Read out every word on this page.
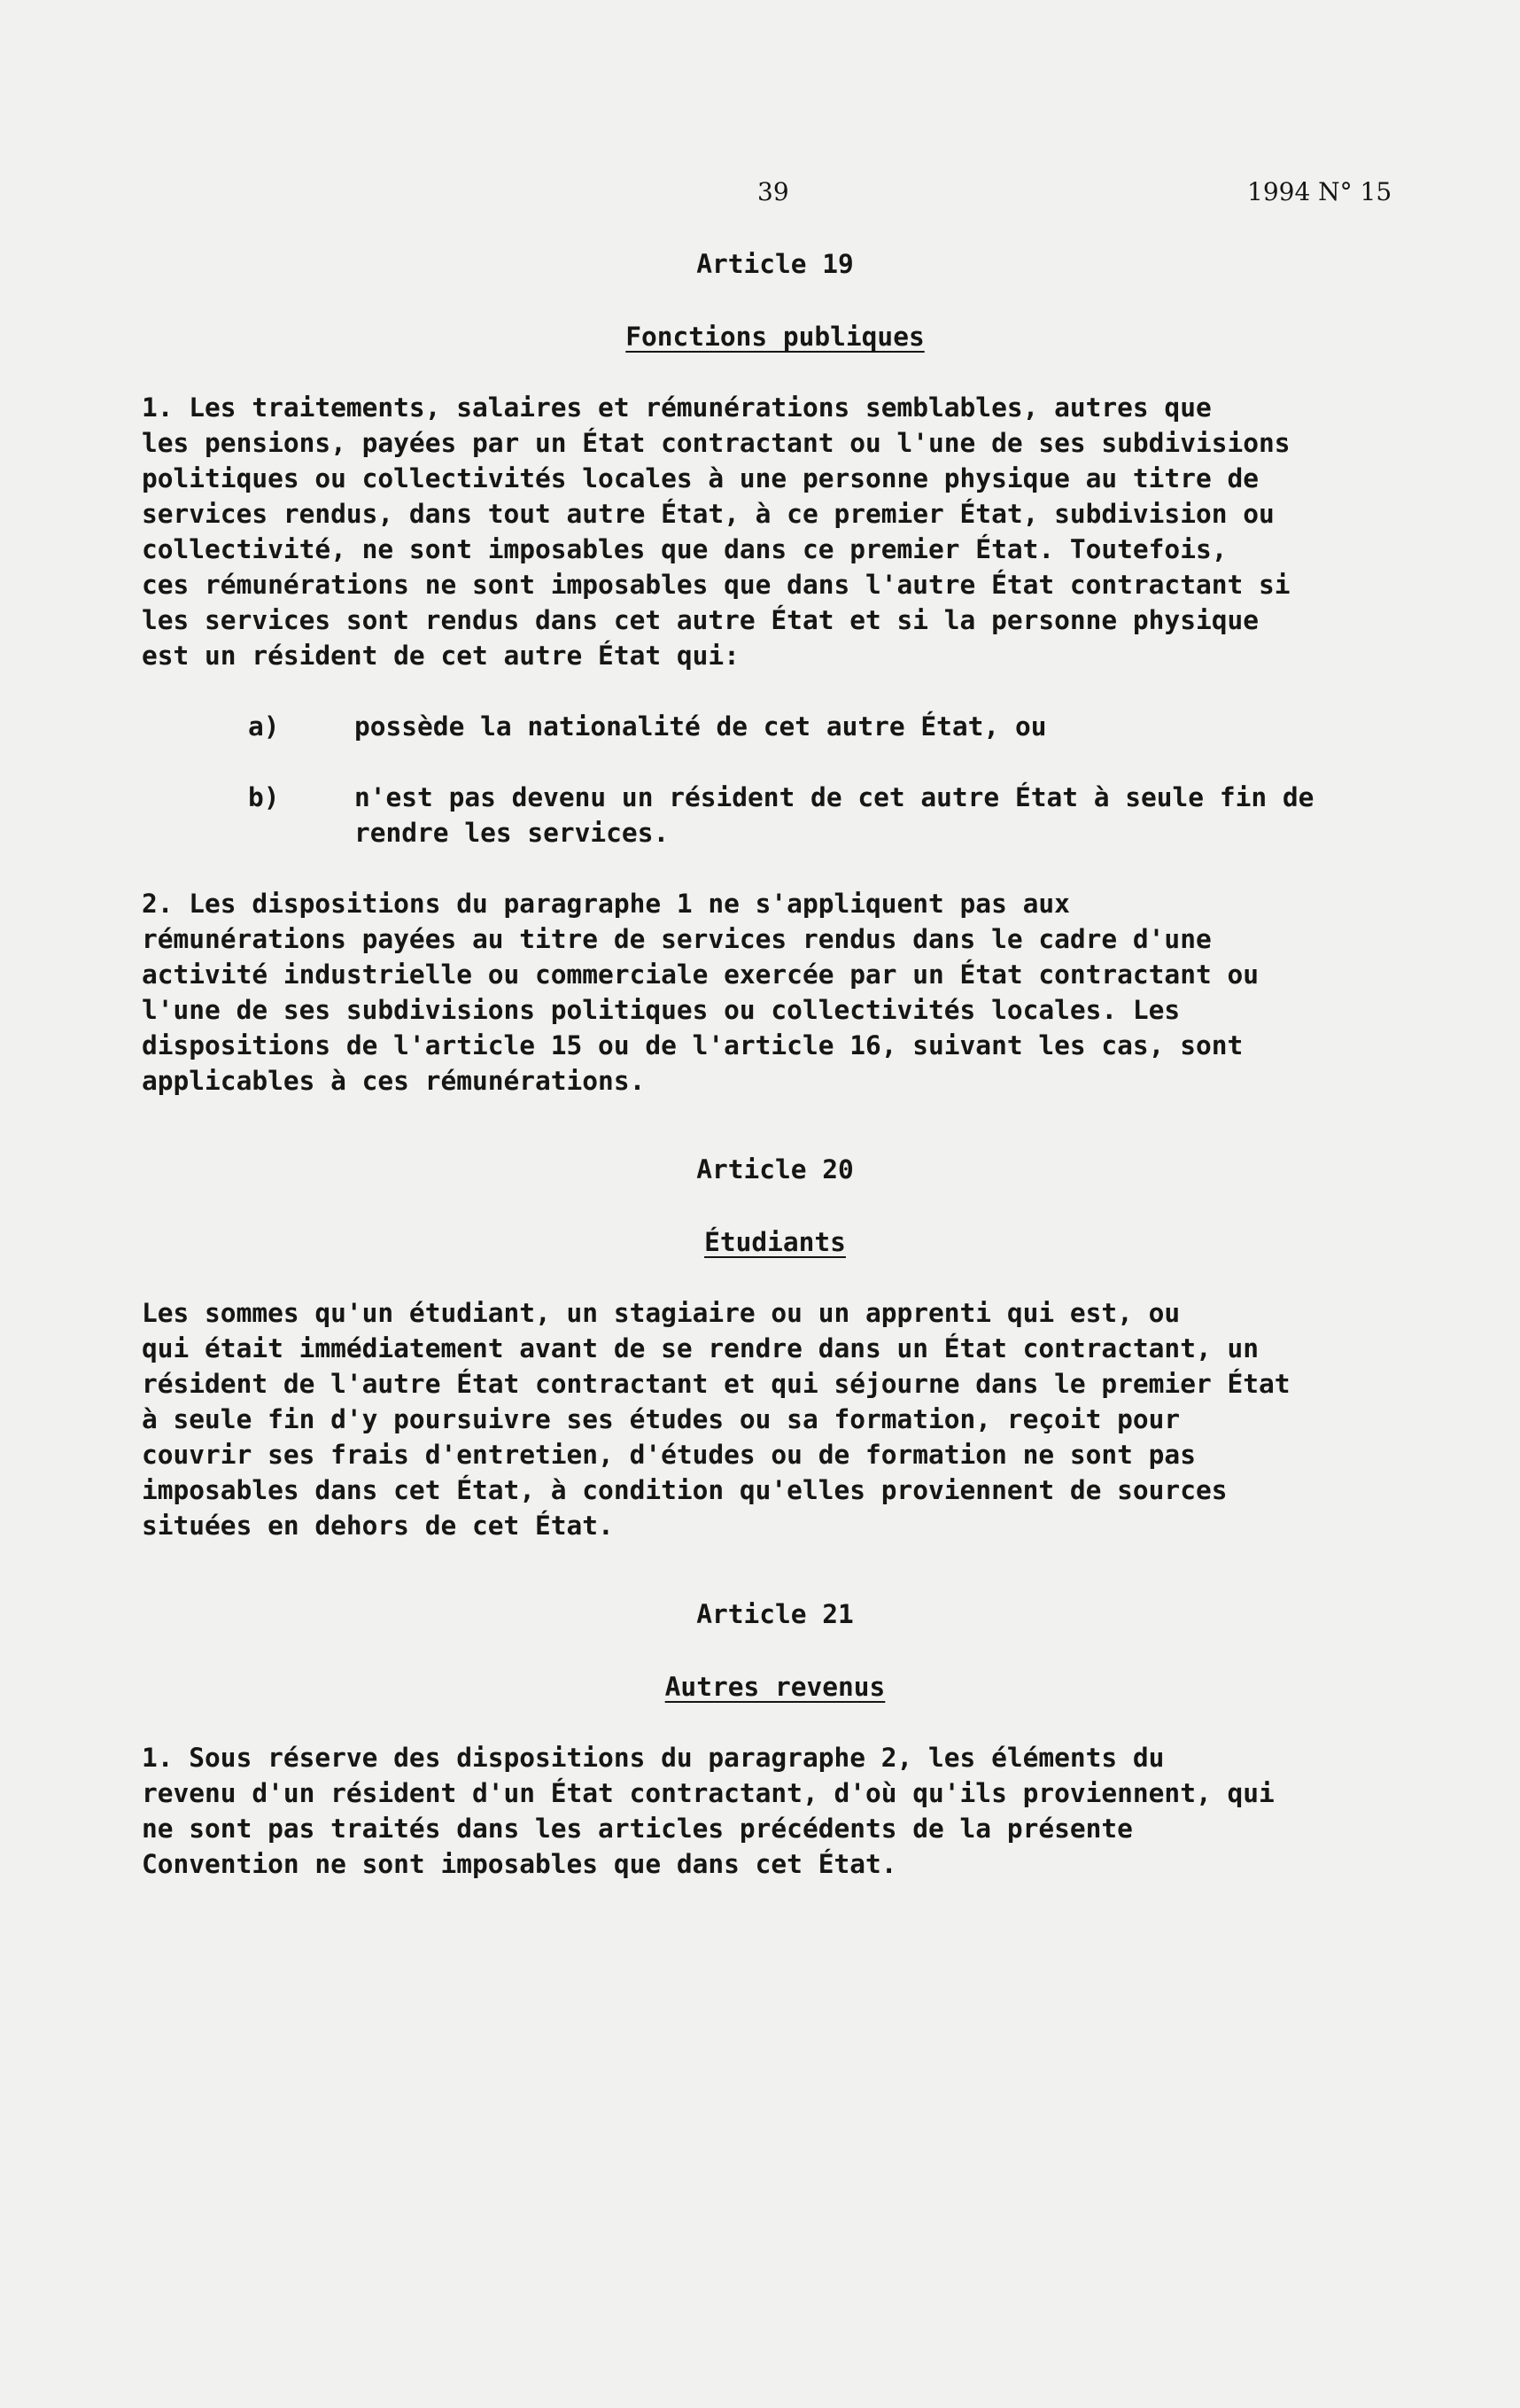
39	1994 N° 15

Article 19

Fonctions publiques

1. Les traitements, salaires et rémunérations semblables, autres que
les pensions, payées par un État contractant ou l'une de ses subdivisions
politiques ou collectivités locales à une personne physique au titre de
services rendus, dans tout autre État, à ce premier État, subdivision ou
collectivité, ne sont imposables que dans ce premier État. Toutefois,
ces rémunérations ne sont imposables que dans l'autre État contractant si
les services sont rendus dans cet autre État et si la personne physique
est un résident de cet autre État qui:

a)	possède la nationalité de cet autre État, ou
b)	n'est pas devenu un résident de cet autre État à seule fin de
rendre les services.

2. Les dispositions du paragraphe 1 ne s'appliquent pas aux
rémunérations payées au titre de services rendus dans le cadre d'une
activité industrielle ou commerciale exercée par un État contractant ou
l'une de ses subdivisions politiques ou collectivités locales. Les
dispositions de l'article 15 ou de l'article 16, suivant les cas, sont
applicables à ces rémunérations.

Article 20

Étudiants

Les sommes qu'un étudiant, un stagiaire ou un apprenti qui est, ou
qui était immédiatement avant de se rendre dans un État contractant, un
résident de l'autre État contractant et qui séjourne dans le premier État
à seule fin d'y poursuivre ses études ou sa formation, reçoit pour
couvrir ses frais d'entretien, d'études ou de formation ne sont pas
imposables dans cet État, à condition qu'elles proviennent de sources
situées en dehors de cet État.

Article 21

Autres revenus

1. Sous réserve des dispositions du paragraphe 2, les éléments du
revenu d'un résident d'un État contractant, d'où qu'ils proviennent, qui
ne sont pas traités dans les articles précédents de la présente
Convention ne sont imposables que dans cet État.
